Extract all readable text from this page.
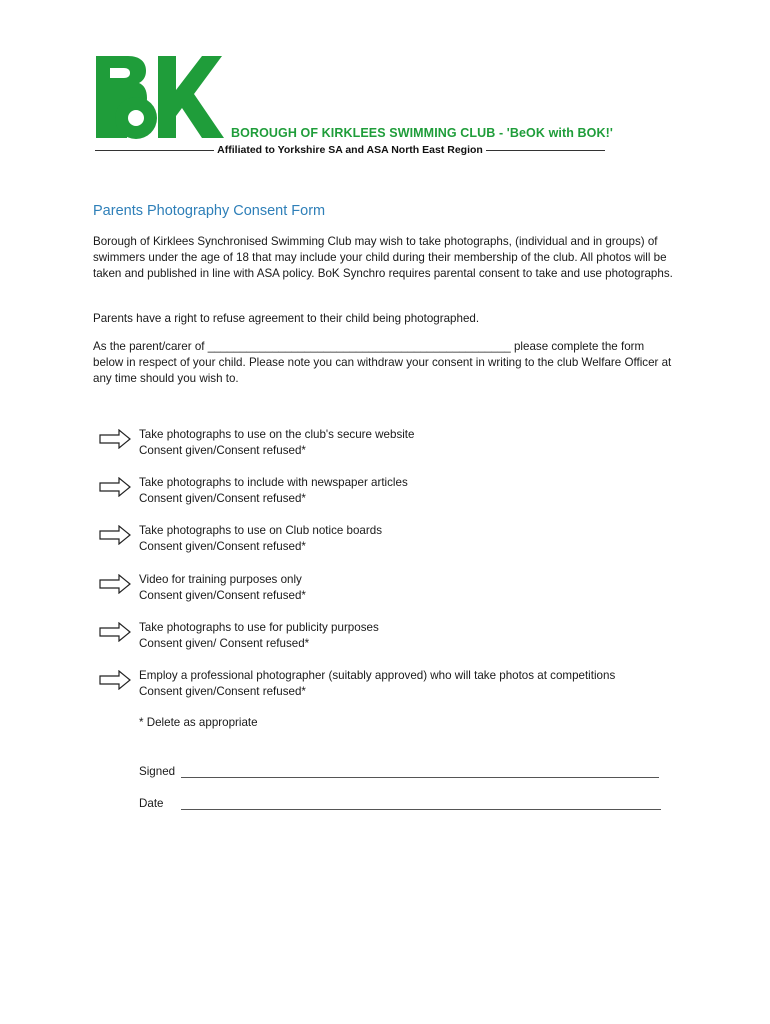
BOROUGH OF KIRKLEES SWIMMING CLUB - 'BeOK with BOK!'
Affiliated to Yorkshire SA and ASA North East Region
Parents Photography Consent Form
Borough of Kirklees Synchronised Swimming Club may wish to take photographs, (individual and in groups) of swimmers under the age of 18 that may include your child during their membership of the club. All photos will be taken and published in line with ASA policy. BoK Synchro requires parental consent to take and use photographs.
Parents have a right to refuse agreement to their child being photographed.
As the parent/carer of _______________________________________________ please complete the form below in respect of your child. Please note you can withdraw your consent in writing to the club Welfare Officer at any time should you wish to.
Take photographs to use on the club's secure website
Consent given/Consent refused*
Take photographs to include with newspaper articles
Consent given/Consent refused*
Take photographs to use on Club notice boards
Consent given/Consent refused*
Video for training purposes only
Consent given/Consent refused*
Take photographs to use for publicity purposes
Consent given/ Consent refused*
Employ a professional photographer (suitably approved) who will take photos at competitions
Consent given/Consent refused*
* Delete as appropriate
Signed
Date
